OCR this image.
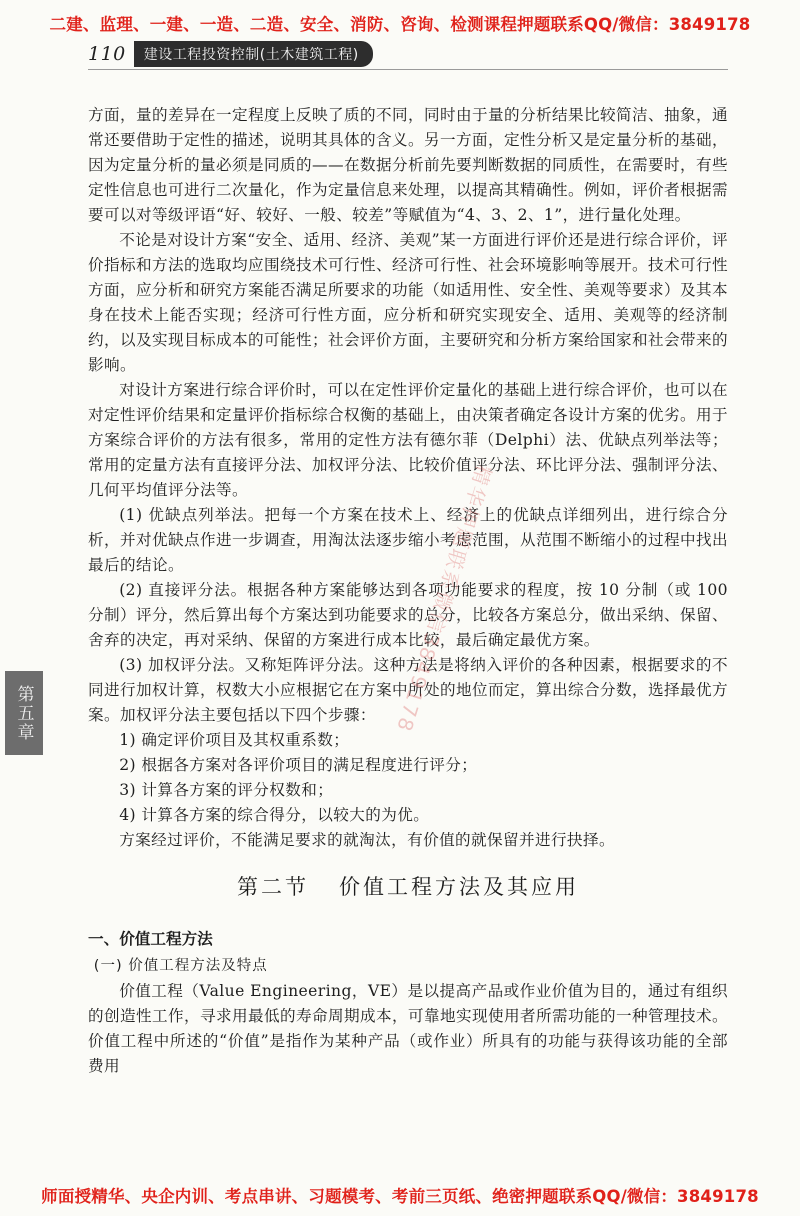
二建、监理、一建、一造、二造、安全、消防、咨询、检测课程押题联系QQ/微信：3849178
110	建设工程投资控制(土木建筑工程)
第五章

方面，量的差异在一定程度上反映了质的不同，同时由于量的分析结果比较简洁、抽象，通常还要借助于定性的描述，说明其具体的含义。另一方面，定性分析又是定量分析的基础，因为定量分析的量必须是同质的——在数据分析前先要判断数据的同质性，在需要时，有些定性信息也可进行二次量化，作为定量信息来处理，以提高其精确性。例如，评价者根据需要可以对等级评语“好、较好、一般、较差”等赋值为“4、3、2、1”，进行量化处理。

不论是对设计方案“安全、适用、经济、美观”某一方面进行评价还是进行综合评价，评价指标和方法的选取均应围绕技术可行性、经济可行性、社会环境影响等展开。技术可行性方面，应分析和研究方案能否满足所要求的功能（如适用性、安全性、美观等要求）及其本身在技术上能否实现；经济可行性方面，应分析和研究实现安全、适用、美观等的经济制约，以及实现目标成本的可能性；社会评价方面，主要研究和分析方案给国家和社会带来的影响。

对设计方案进行综合评价时，可以在定性评价定量化的基础上进行综合评价，也可以在对定性评价结果和定量评价指标综合权衡的基础上，由决策者确定各设计方案的优劣。用于方案综合评价的方法有很多，常用的定性方法有德尔菲（Delphi）法、优缺点列举法等；常用的定量方法有直接评分法、加权评分法、比较价值评分法、环比评分法、强制评分法、几何平均值评分法等。

(1) 优缺点列举法。把每一个方案在技术上、经济上的优缺点详细列出，进行综合分析，并对优缺点作进一步调查，用淘汰法逐步缩小考虑范围，从范围不断缩小的过程中找出最后的结论。

(2) 直接评分法。根据各种方案能够达到各项功能要求的程度，按 10 分制（或 100 分制）评分，然后算出每个方案达到功能要求的总分，比较各方案总分，做出采纳、保留、舍弃的决定，再对采纳、保留的方案进行成本比较，最后确定最优方案。

(3) 加权评分法。又称矩阵评分法。这种方法是将纳入评价的各种因素，根据要求的不同进行加权计算，权数大小应根据它在方案中所处的地位而定，算出综合分数，选择最优方案。加权评分法主要包括以下四个步骤：

1) 确定评价项目及其权重系数；

2) 根据各方案对各评价项目的满足程度进行评分；

3) 计算各方案的评分权数和；

4) 计算各方案的综合得分，以较大的为优。

方案经过评价，不能满足要求的就淘汰，有价值的就保留并进行抉择。

第二节 价值工程方法及其应用
一、价值工程方法
(一) 价值工程方法及特点

价值工程（Value Engineering，VE）是以提高产品或作业价值为目的，通过有组织的创造性工作，寻求用最低的寿命周期成本，可靠地实现使用者所需功能的一种管理技术。价值工程中所述的“价值”是指作为某种产品（或作业）所具有的功能与获得该功能的全部费用

精华押题联系微信3849178
师面授精华、央企内训、考点串讲、习题模考、考前三页纸、绝密押题联系QQ/微信：3849178
